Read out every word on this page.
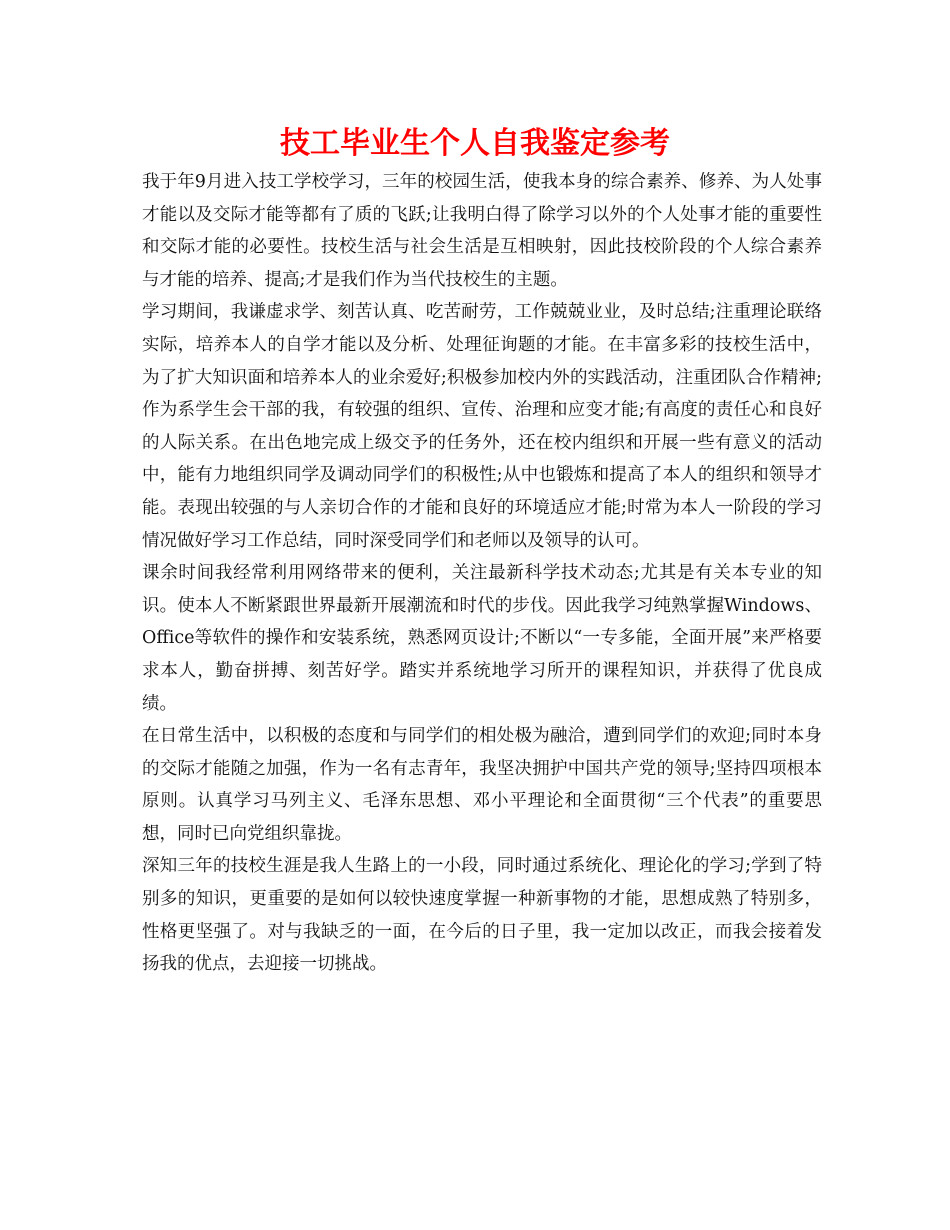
技工毕业生个人自我鉴定参考

我于年9月进入技工学校学习，三年的校园生活，使我本身的综合素养、修养、为人处事才能以及交际才能等都有了质的飞跃;让我明白得了除学习以外的个人处事才能的重要性和交际才能的必要性。技校生活与社会生活是互相映射，因此技校阶段的个人综合素养与才能的培养、提高;才是我们作为当代技校生的主题。

学习期间，我谦虚求学、刻苦认真、吃苦耐劳，工作兢兢业业，及时总结;注重理论联络实际，培养本人的自学才能以及分析、处理征询题的才能。在丰富多彩的技校生活中，为了扩大知识面和培养本人的业余爱好;积极参加校内外的实践活动，注重团队合作精神;作为系学生会干部的我，有较强的组织、宣传、治理和应变才能;有高度的责任心和良好的人际关系。在出色地完成上级交予的任务外，还在校内组织和开展一些有意义的活动中，能有力地组织同学及调动同学们的积极性;从中也锻炼和提高了本人的组织和领导才能。表现出较强的与人亲切合作的才能和良好的环境适应才能;时常为本人一阶段的学习情况做好学习工作总结，同时深受同学们和老师以及领导的认可。

课余时间我经常利用网络带来的便利，关注最新科学技术动态;尤其是有关本专业的知识。使本人不断紧跟世界最新开展潮流和时代的步伐。因此我学习纯熟掌握Windows、Office等软件的操作和安装系统，熟悉网页设计;不断以“一专多能，全面开展”来严格要求本人，勤奋拼搏、刻苦好学。踏实并系统地学习所开的课程知识，并获得了优良成绩。

在日常生活中，以积极的态度和与同学们的相处极为融洽，遭到同学们的欢迎;同时本身的交际才能随之加强，作为一名有志青年，我坚决拥护中国共产党的领导;坚持四项根本原则。认真学习马列主义、毛泽东思想、邓小平理论和全面贯彻“三个代表”的重要思想，同时已向党组织靠拢。

深知三年的技校生涯是我人生路上的一小段，同时通过系统化、理论化的学习;学到了特别多的知识，更重要的是如何以较快速度掌握一种新事物的才能，思想成熟了特别多，性格更坚强了。对与我缺乏的一面，在今后的日子里，我一定加以改正，而我会接着发扬我的优点，去迎接一切挑战。
